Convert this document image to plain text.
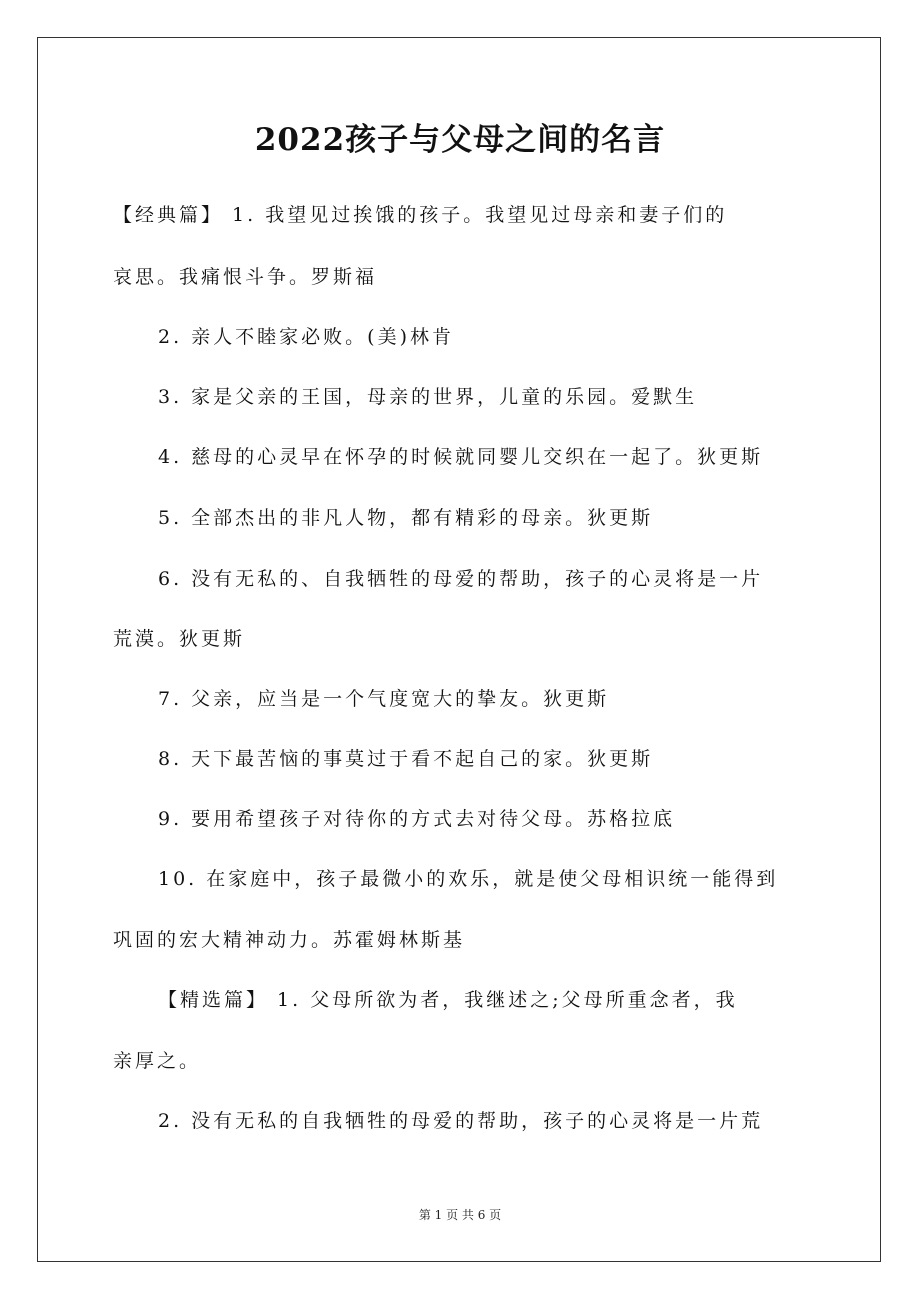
2022孩子与父母之间的名言
【经典篇】 1. 我望见过挨饿的孩子。我望见过母亲和妻子们的
哀思。我痛恨斗争。罗斯福
2. 亲人不睦家必败。(美)林肯
3. 家是父亲的王国，母亲的世界，儿童的乐园。爱默生
4. 慈母的心灵早在怀孕的时候就同婴儿交织在一起了。狄更斯
5. 全部杰出的非凡人物，都有精彩的母亲。狄更斯
6. 没有无私的、自我牺牲的母爱的帮助，孩子的心灵将是一片
荒漠。狄更斯
7. 父亲，应当是一个气度宽大的挚友。狄更斯
8. 天下最苦恼的事莫过于看不起自己的家。狄更斯
9. 要用希望孩子对待你的方式去对待父母。苏格拉底
10. 在家庭中，孩子最微小的欢乐，就是使父母相识统一能得到
巩固的宏大精神动力。苏霍姆林斯基
【精选篇】 1. 父母所欲为者，我继述之;父母所重念者，我
亲厚之。
2. 没有无私的自我牺牲的母爱的帮助，孩子的心灵将是一片荒
第 1 页 共 6 页
